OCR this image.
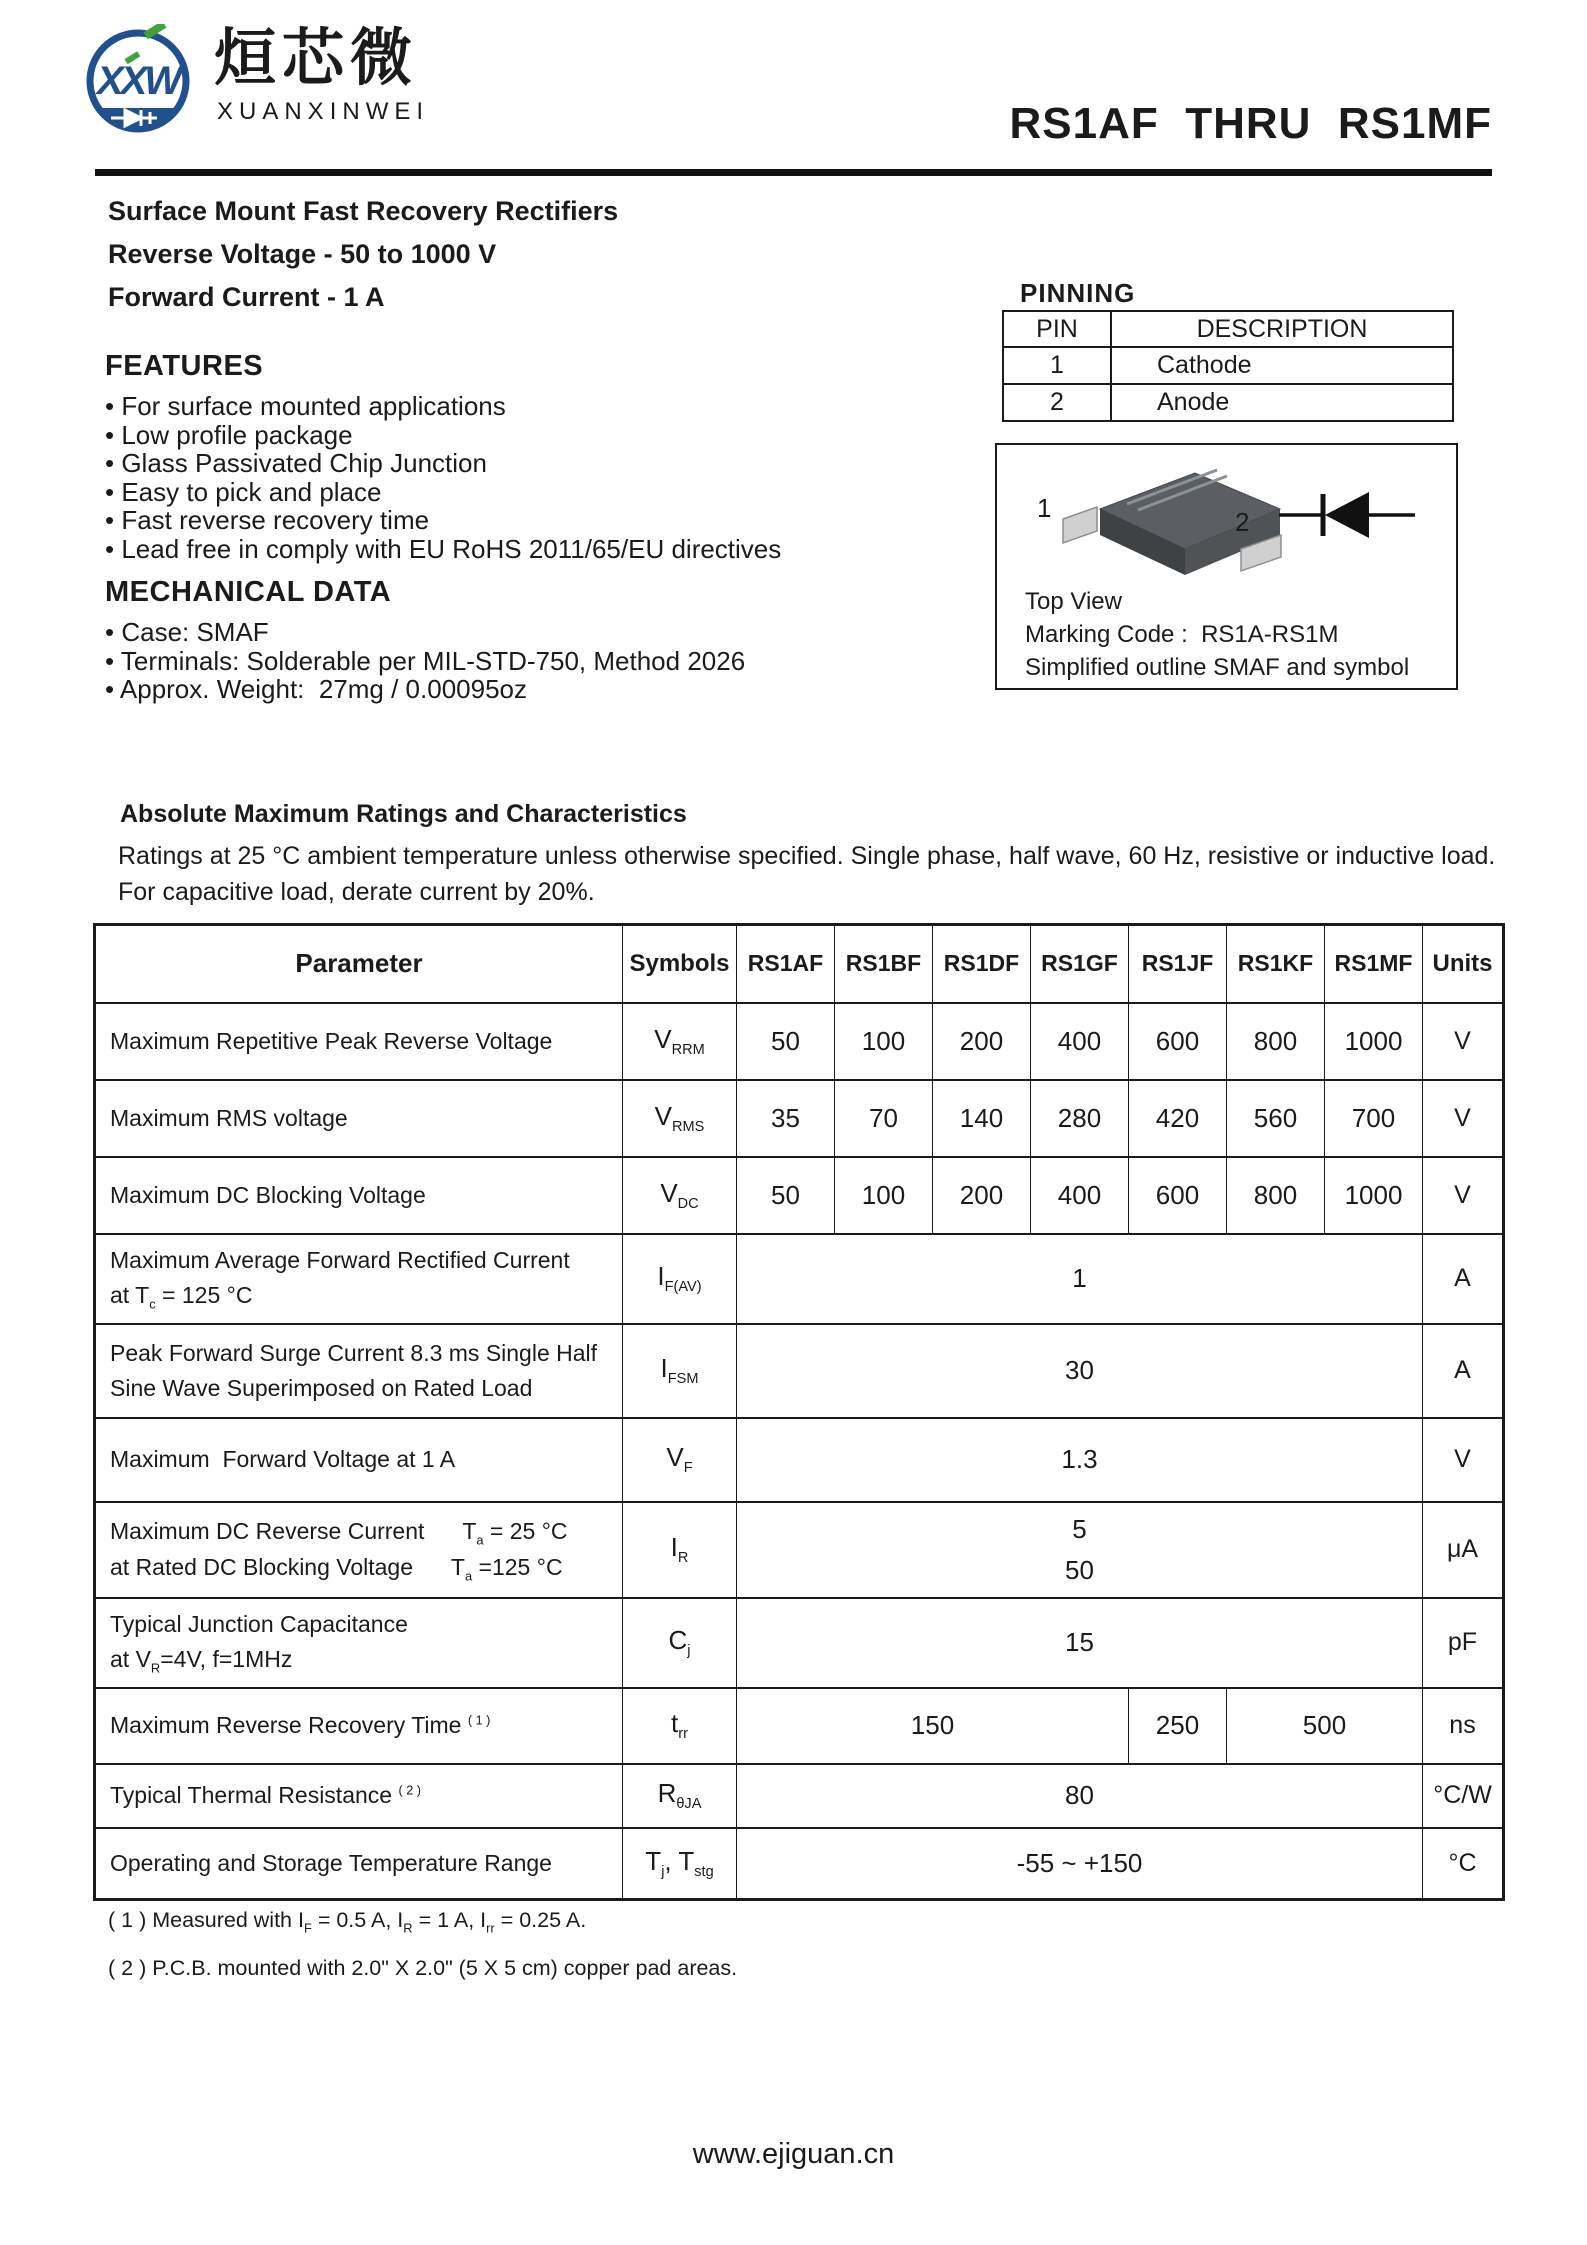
XXW 烜芯微
XUANXINWEI	RS1AF  THRU  RS1MF
Surface Mount Fast Recovery Rectifiers
Reverse Voltage - 50 to 1000 V
Forward Current - 1 A	PINNING
PIN	DESCRIPTION
1	Cathode
2	Anode
1	2
Top View
Marking Code :  RS1A-RS1M
Simplified outline SMAF and symbol
FEATURES
• For surface mounted applications
• Low profile package
• Glass Passivated Chip Junction
• Easy to pick and place
• Fast reverse recovery time
• Lead free in comply with EU RoHS 2011/65/EU directives
MECHANICAL DATA
• Case: SMAF
• Terminals: Solderable per MIL-STD-750, Method 2026
• Approx. Weight:  27mg / 0.00095oz
Absolute Maximum Ratings and Characteristics
Ratings at 25 °C ambient temperature unless otherwise specified. Single phase, half wave, 60 Hz, resistive or inductive load.
For capacitive load, derate current by 20%.
Parameter	Symbols	RS1AF	RS1BF	RS1DF	RS1GF	RS1JF	RS1KF	RS1MF	Units
Maximum Repetitive Peak Reverse Voltage	$V_{RRM}$	50	100	200	400	600	800	1000	V
Maximum RMS voltage	$V_{RMS}$	35	70	140	280	420	560	700	V
Maximum DC Blocking Voltage	$V_{DC}$	50	100	200	400	600	800	1000	V
Maximum Average Forward Rectified Current
at $T_c = 125$ °C	$I_{F(AV)}$	1							A
Peak Forward Surge Current 8.3 ms Single Half
Sine Wave Superimposed on Rated Load	$I_{FSM}$	30							A
Maximum  Forward Voltage at 1 A	$V_F$	1.3							V
Maximum DC Reverse Current      $T_a = 25$ °C
at Rated DC Blocking Voltage      $T_a =125$ °C	$I_R$	5
50							μA
Typical Junction Capacitance
at $V_R=4V$, f=1MHz	$C_j$	15							pF
Maximum Reverse Recovery Time $^{( 1 )}$	$t_{rr}$	150				250	500		ns
Typical Thermal Resistance $^{( 2 )}$	$R_{\theta JA}$	80							°C/W
Operating and Storage Temperature Range	$T_j$, $T_{stg}$	-55 ~ +150							°C
( 1 ) Measured with $I_F = 0.5$ A, $I_R = 1$ A, $I_{rr} = 0.25$ A.
( 2 ) P.C.B. mounted with 2.0" X 2.0" (5 X 5 cm) copper pad areas.
www.ejiguan.cn
